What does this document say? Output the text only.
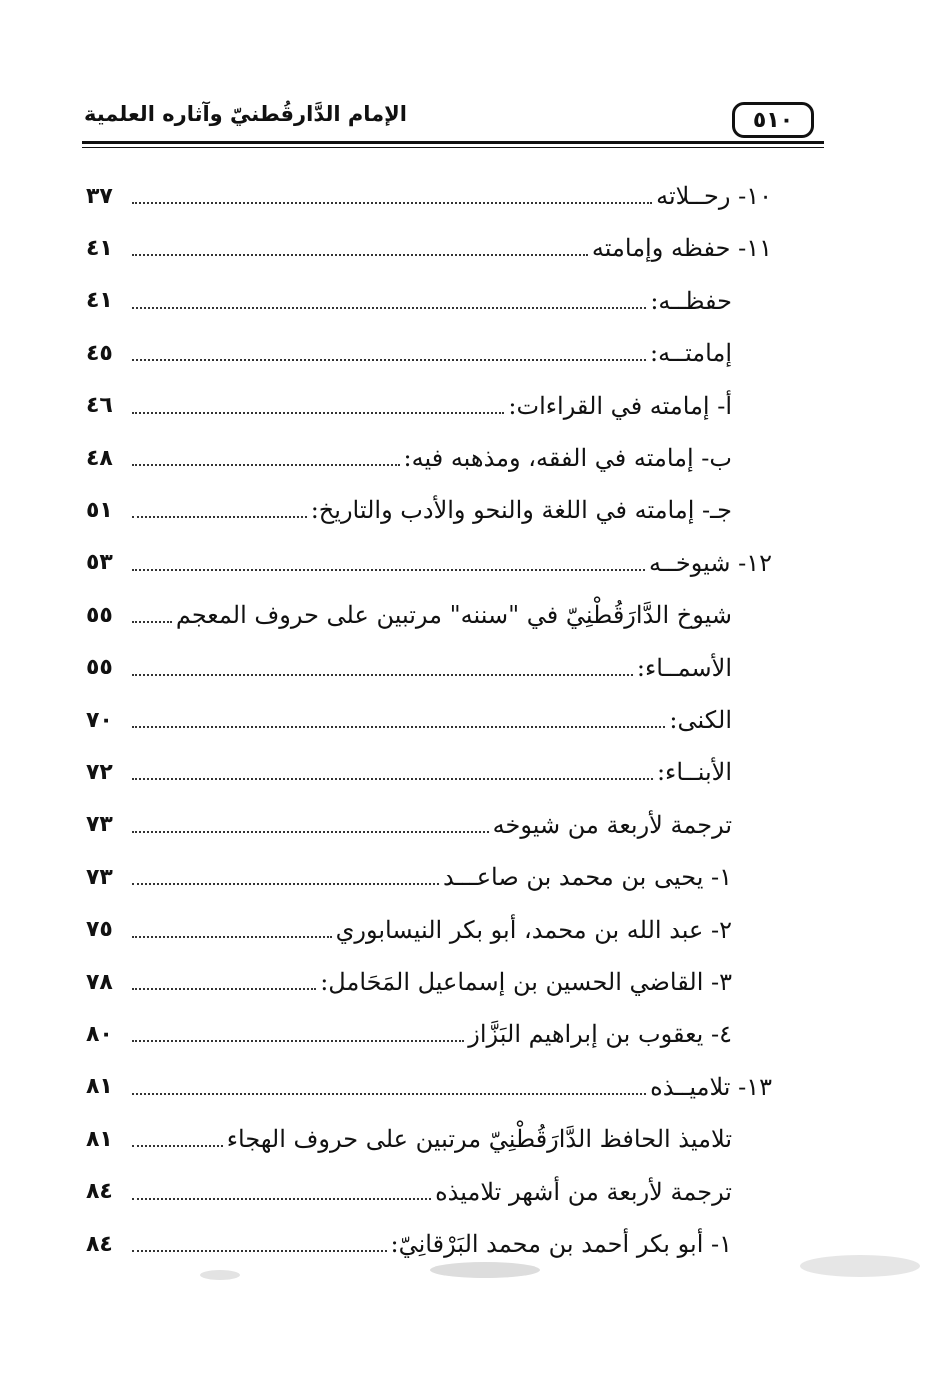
٥١٠
الإمام الدَّارقُطنيّ وآثاره العلمية
١٠- رحــلاته
٣٧
١١- حفظه وإمامته
٤١
حفظــه:
٤١
إمامتــه:
٤٥
أ- إمامته في القراءات:
٤٦
ب- إمامته في الفقه، ومذهبه فيه:
٤٨
جـ- إمامته في اللغة والنحو والأدب والتاريخ:
٥١
١٢- شيوخــه
٥٣
شيوخ الدَّارَقُطْنِيّ في "سننه" مرتبين على حروف المعجم
٥٥
الأسمــاء:
٥٥
الكنى:
٧٠
الأبنــاء:
٧٢
ترجمة لأربعة من شيوخه
٧٣
١- يحيى بن محمد بن صاعـــد
٧٣
٢- عبد الله بن محمد، أبو بكر النيسابوري
٧٥
٣- القاضي الحسين بن إسماعيل المَحَامل:
٧٨
٤- يعقوب بن إبراهيم البَزَّاز
٨٠
١٣- تلاميــذه
٨١
تلاميذ الحافظ الدَّارَقُطْنِيّ مرتبين على حروف الهجاء
٨١
ترجمة لأربعة من أشهر تلاميذه
٨٤
١- أبو بكر أحمد بن محمد البَرْقانِيّ:
٨٤
